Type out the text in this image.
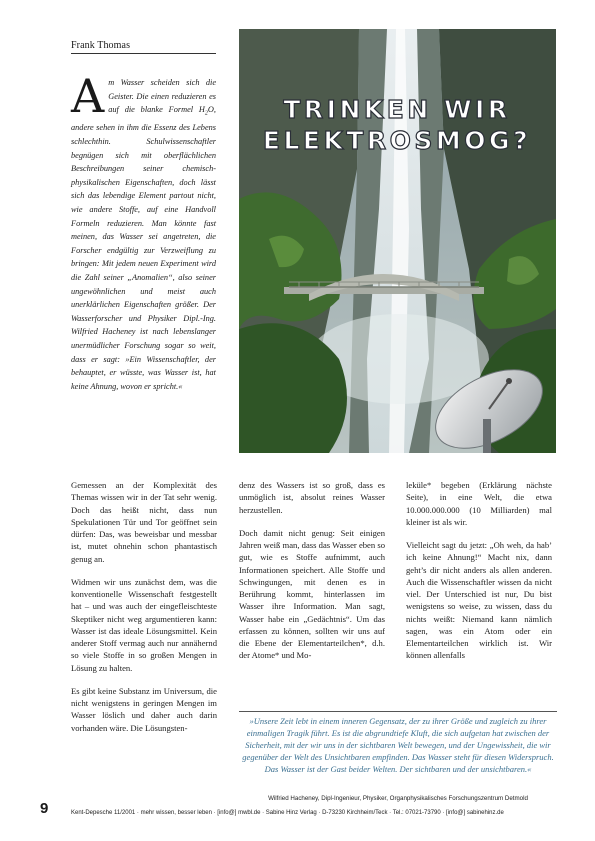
Frank Thomas
Am Wasser scheiden sich die Geister. Die einen reduzieren es auf die blanke Formel $H_2O$, andere sehen in ihm die Essenz des Lebens schlechthin. Schulwissenschaftler begnügen sich mit oberflächlichen Beschreibungen seiner chemisch-physikalischen Eigenschaften, doch lässt sich das lebendige Element partout nicht, wie andere Stoffe, auf eine Handvoll Formeln reduzieren. Man könnte fast meinen, das Wasser sei angetreten, die Forscher endgültig zur Verzweiflung zu bringen: Mit jedem neuen Experiment wird die Zahl seiner „Anomalien“, also seiner ungewöhnlichen und meist auch unerklärlichen Eigenschaften größer. Der Wasserforscher und Physiker Dipl.-Ing. Wilfried Hacheney ist nach lebenslanger unermüdlicher Forschung sogar so weit, dass er sagt: »Ein Wissenschaftler, der behauptet, er wüsste, was Wasser ist, hat keine Ahnung, wovon er spricht.«
TRINKEN WIR
ELEKTROSMOG?

Gemessen an der Komplexität des Themas wissen wir in der Tat sehr wenig. Doch das heißt nicht, dass nun Spekulationen Tür und Tor geöffnet sein dürfen: Das, was beweisbar und messbar ist, mutet ohnehin schon phantastisch genug an.

Widmen wir uns zunächst dem, was die konventionelle Wissenschaft festgestellt hat – und was auch der eingefleischteste Skeptiker nicht weg argumentieren kann: Wasser ist das ideale Lösungsmittel. Kein anderer Stoff vermag auch nur annähernd so viele Stoffe in so großen Mengen in Lösung zu halten.

Es gibt keine Substanz im Universum, die nicht wenigstens in geringen Mengen im Wasser löslich und daher auch darin vorhanden wäre. Die Lösungsten-

denz des Wassers ist so groß, dass es unmöglich ist, absolut reines Wasser herzustellen.

Doch damit nicht genug: Seit einigen Jahren weiß man, dass das Wasser eben so gut, wie es Stoffe aufnimmt, auch Informationen speichert. Alle Stoffe und Schwingungen, mit denen es in Berührung kommt, hinterlassen im Wasser ihre Information. Man sagt, Wasser habe ein „Gedächtnis“. Um das erfassen zu können, sollten wir uns auf die Ebene der Elementarteilchen*, d.h. der Atome* und Mo-

leküle* begeben (Erklärung nächste Seite), in eine Welt, die etwa 10.000.000.000 (10 Milliarden) mal kleiner ist als wir.

Vielleicht sagt du jetzt: „Oh weh, da hab’ ich keine Ahnung!“ Macht nix, dann geht’s dir nicht anders als allen anderen. Auch die Wissenschaftler wissen da nicht viel. Der Unterschied ist nur, Du bist wenigstens so weise, zu wissen, dass du nichts weißt: Niemand kann nämlich sagen, was ein Atom oder ein Elementarteilchen wirklich ist. Wir können allenfalls

»Unsere Zeit lebt in einem inneren Gegensatz, der zu ihrer Größe und zugleich zu ihrer einmaligen Tragik führt. Es ist die abgrundtiefe Kluft, die sich aufgetan hat zwischen der Sicherheit, mit der wir uns in der sichtbaren Welt bewegen, und der Ungewissheit, die wir gegenüber der Welt des Unsichtbaren empfinden. Das Wasser steht für diesen Widerspruch. Das Wasser ist der Gast beider Welten. Der sichtbaren und der unsichtbaren.«
Wilfried Hacheney, Dipl-Ingenieur, Physiker, Organphysikalisches Forschungszentrum Detmold
9	Kent-Depesche 11/2001 · mehr wissen, besser leben · [info@] mwbl.de · Sabine Hinz Verlag · D-73230 Kirchheim/Teck · Tel.: 07021-73790 · [info@] sabinehinz.de
